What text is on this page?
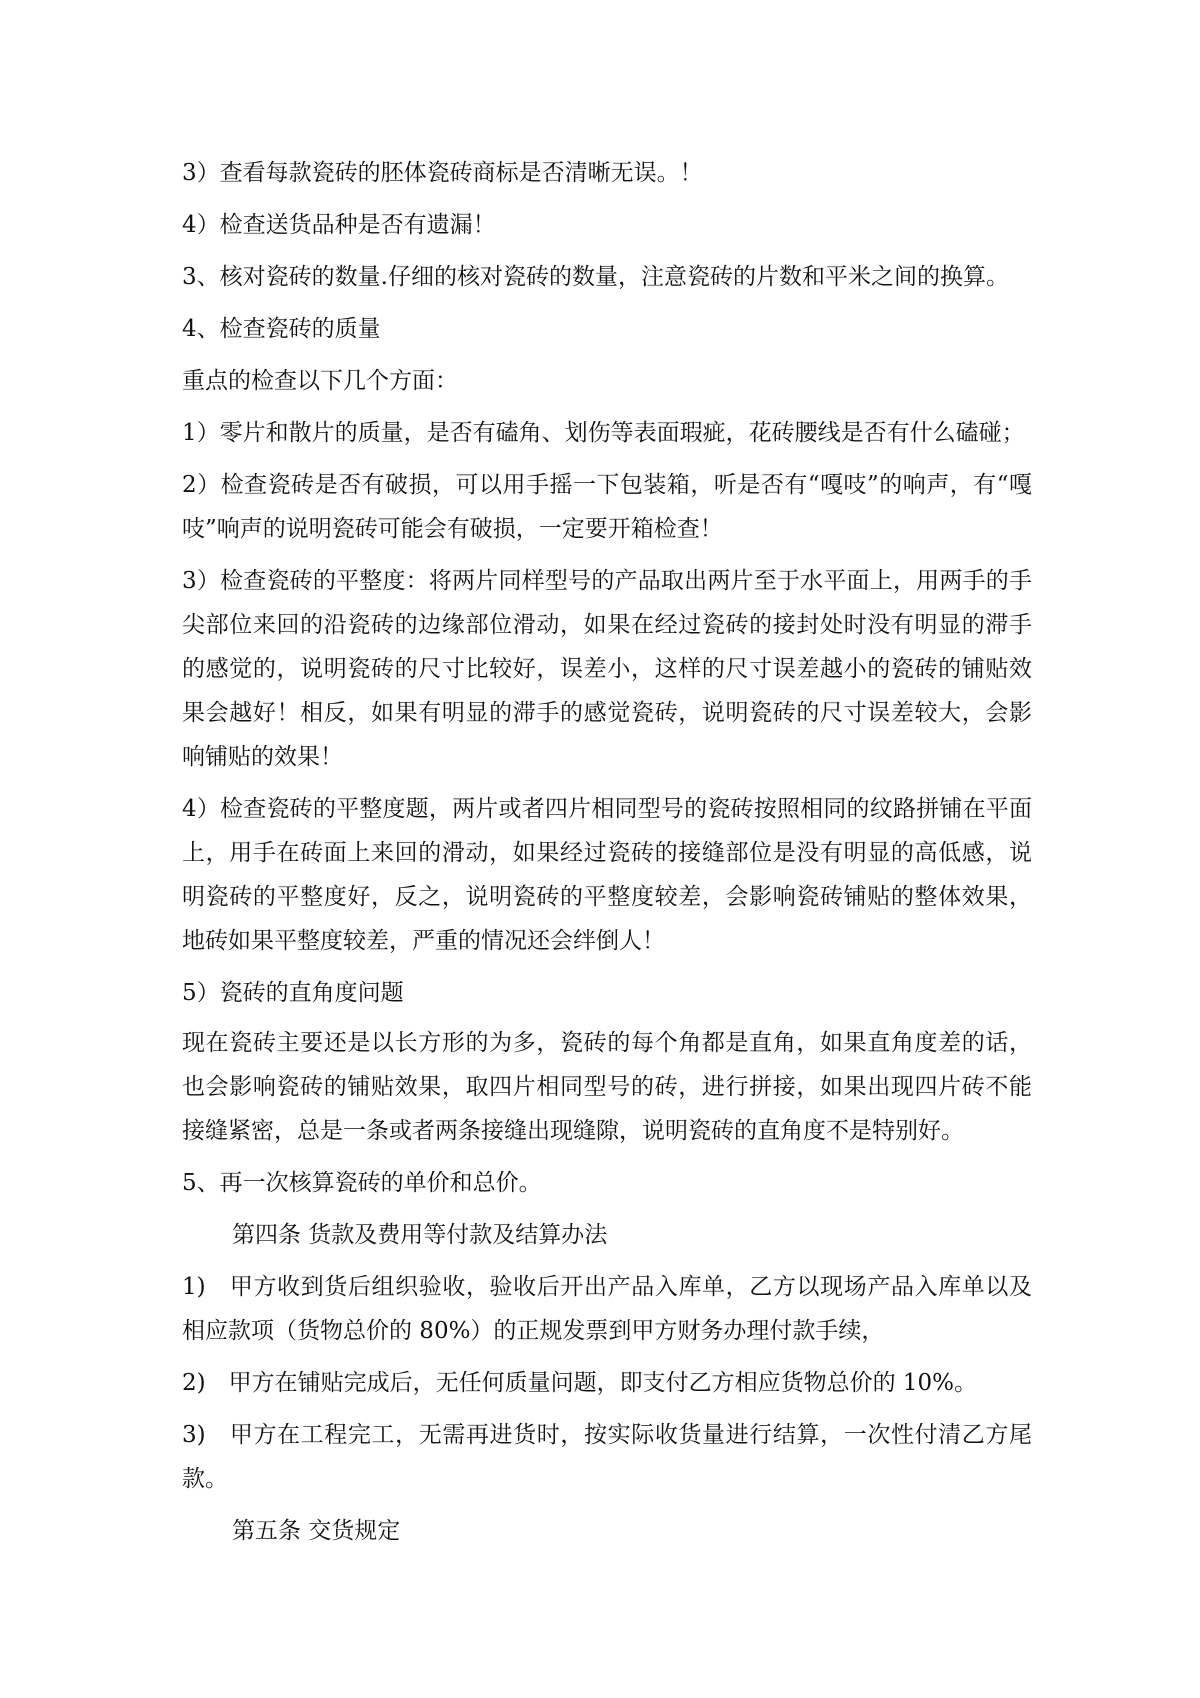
3）查看每款瓷砖的胚体瓷砖商标是否清晰无误。！

4）检查送货品种是否有遗漏！

3、核对瓷砖的数量.仔细的核对瓷砖的数量，注意瓷砖的片数和平米之间的换算。

4、检查瓷砖的质量

重点的检查以下几个方面：

1）零片和散片的质量，是否有磕角、划伤等表面瑕疵，花砖腰线是否有什么磕碰；

2）检查瓷砖是否有破损，可以用手摇一下包装箱，听是否有“嘎吱”的响声，有“嘎吱”响声的说明瓷砖可能会有破损，一定要开箱检查！

3）检查瓷砖的平整度：将两片同样型号的产品取出两片至于水平面上，用两手的手尖部位来回的沿瓷砖的边缘部位滑动，如果在经过瓷砖的接封处时没有明显的滞手的感觉的，说明瓷砖的尺寸比较好，误差小，这样的尺寸误差越小的瓷砖的铺贴效果会越好！相反，如果有明显的滞手的感觉瓷砖，说明瓷砖的尺寸误差较大，会影响铺贴的效果！

4）检查瓷砖的平整度题，两片或者四片相同型号的瓷砖按照相同的纹路拼铺在平面上，用手在砖面上来回的滑动，如果经过瓷砖的接缝部位是没有明显的高低感，说明瓷砖的平整度好，反之，说明瓷砖的平整度较差，会影响瓷砖铺贴的整体效果，地砖如果平整度较差，严重的情况还会绊倒人！

5）瓷砖的直角度问题

现在瓷砖主要还是以长方形的为多，瓷砖的每个角都是直角，如果直角度差的话，也会影响瓷砖的铺贴效果，取四片相同型号的砖，进行拼接，如果出现四片砖不能接缝紧密，总是一条或者两条接缝出现缝隙，说明瓷砖的直角度不是特别好。

5、再一次核算瓷砖的单价和总价。

第四条 货款及费用等付款及结算办法

1)　甲方收到货后组织验收，验收后开出产品入库单，乙方以现场产品入库单以及相应款项（货物总价的 80%）的正规发票到甲方财务办理付款手续，

2)　甲方在铺贴完成后，无任何质量问题，即支付乙方相应货物总价的 10%。

3)　甲方在工程完工，无需再进货时，按实际收货量进行结算，一次性付清乙方尾款。

第五条 交货规定
